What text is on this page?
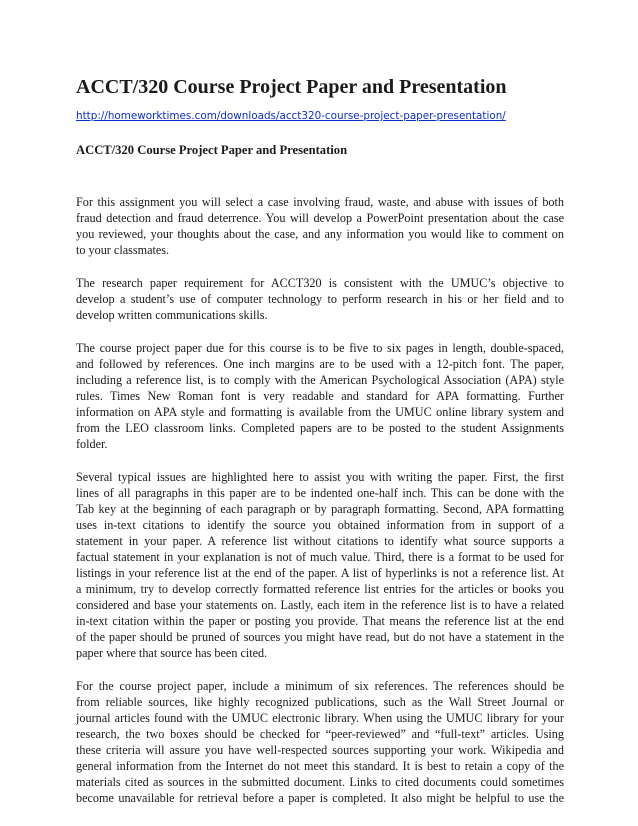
ACCT/320 Course Project Paper and Presentation
http://homeworktimes.com/downloads/acct320-course-project-paper-presentation/
ACCT/320 Course Project Paper and Presentation

For this assignment you will select a case involving fraud, waste, and abuse with issues of both
fraud detection and fraud deterrence. You will develop a PowerPoint presentation about the case
you reviewed, your thoughts about the case, and any information you would like to comment on
to your classmates.

The research paper requirement for ACCT320 is consistent with the UMUC’s objective to
develop a student’s use of computer technology to perform research in his or her field and to
develop written communications skills.

The course project paper due for this course is to be five to six pages in length, double-spaced,
and followed by references. One inch margins are to be used with a 12-pitch font. The paper,
including a reference list, is to comply with the American Psychological Association (APA) style
rules. Times New Roman font is very readable and standard for APA formatting. Further
information on APA style and formatting is available from the UMUC online library system and
from the LEO classroom links. Completed papers are to be posted to the student Assignments
folder.

Several typical issues are highlighted here to assist you with writing the paper. First, the first
lines of all paragraphs in this paper are to be indented one-half inch. This can be done with the
Tab key at the beginning of each paragraph or by paragraph formatting. Second, APA formatting
uses in-text citations to identify the source you obtained information from in support of a
statement in your paper. A reference list without citations to identify what source supports a
factual statement in your explanation is not of much value. Third, there is a format to be used for
listings in your reference list at the end of the paper. A list of hyperlinks is not a reference list. At
a minimum, try to develop correctly formatted reference list entries for the articles or books you
considered and base your statements on. Lastly, each item in the reference list is to have a related
in-text citation within the paper or posting you provide. That means the reference list at the end
of the paper should be pruned of sources you might have read, but do not have a statement in the
paper where that source has been cited.

For the course project paper, include a minimum of six references. The references should be
from reliable sources, like highly recognized publications, such as the Wall Street Journal or
journal articles found with the UMUC electronic library. When using the UMUC library for your
research, the two boxes should be checked for “peer-reviewed” and “full-text” articles. Using
these criteria will assure you have well-respected sources supporting your work. Wikipedia and
general information from the Internet do not meet this standard. It is best to retain a copy of the
materials cited as sources in the submitted document. Links to cited documents could sometimes
become unavailable for retrieval before a paper is completed. It also might be helpful to use the
